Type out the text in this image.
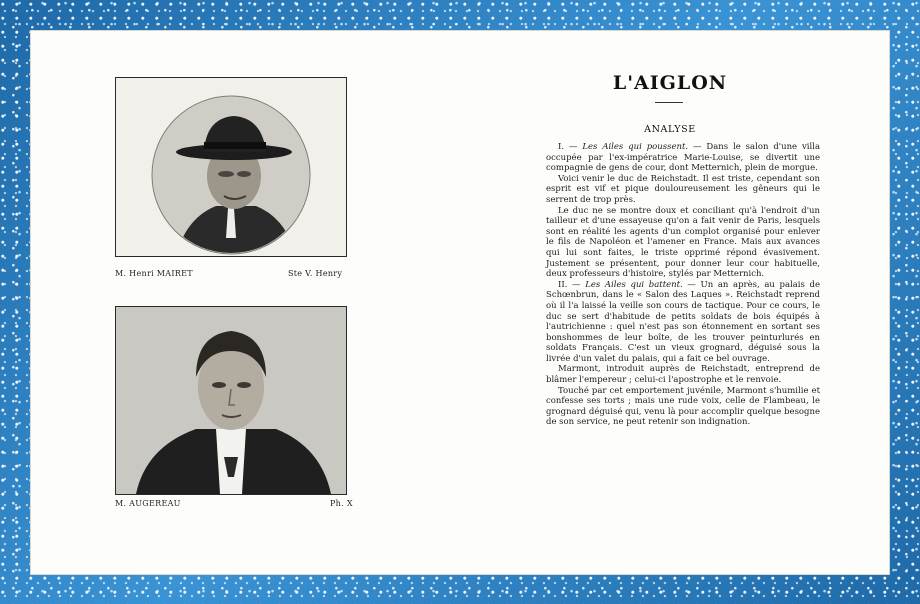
M. Henri MAIRET	Ste V. Henry
M. AUGEREAU	Ph. X
L'AIGLON
ANALYSE

I. — Les Ailes qui poussent. — Dans le salon d'une villa occupée par l'ex-impératrice Marie-Louise, se divertit une compagnie de gens de cour, dont Metternich, plein de morgue.

Voici venir le duc de Reichstadt. Il est triste, cependant son esprit est vif et pique douloureusement les gêneurs qui le serrent de trop près.

Le duc ne se montre doux et conciliant qu'à l'endroit d'un tailleur et d'une essayeuse qu'on a fait venir de Paris, lesquels sont en réalité les agents d'un complot organisé pour enlever le fils de Napoléon et l'amener en France. Mais aux avances qui lui sont faites, le triste opprimé répond évasivement. Justement se présentent, pour donner leur cour habituelle, deux professeurs d'histoire, stylés par Metternich.

II. — Les Ailes qui battent. — Un an après, au palais de Schœnbrun, dans le « Salon des Laques ». Reichstadt reprend où il l'a laissé la veille son cours de tactique. Pour ce cours, le duc se sert d'habitude de petits soldats de bois équipés à l'autrichienne : quel n'est pas son étonnement en sortant ses bonshommes de leur boîte, de les trouver peinturlurés en soldats Français. C'est un vieux grognard, déguisé sous la livrée d'un valet du palais, qui a fait ce bel ouvrage.

Marmont, introduit auprès de Reichstadt, entreprend de blâmer l'empereur ; celui-ci l'apostrophe et le renvoie.

Touché par cet emportement juvénile, Marmont s'humilie et confesse ses torts ; mais une rude voix, celle de Flambeau, le grognard déguisé qui, venu là pour accomplir quelque besogne de son service, ne peut retenir son indignation.
